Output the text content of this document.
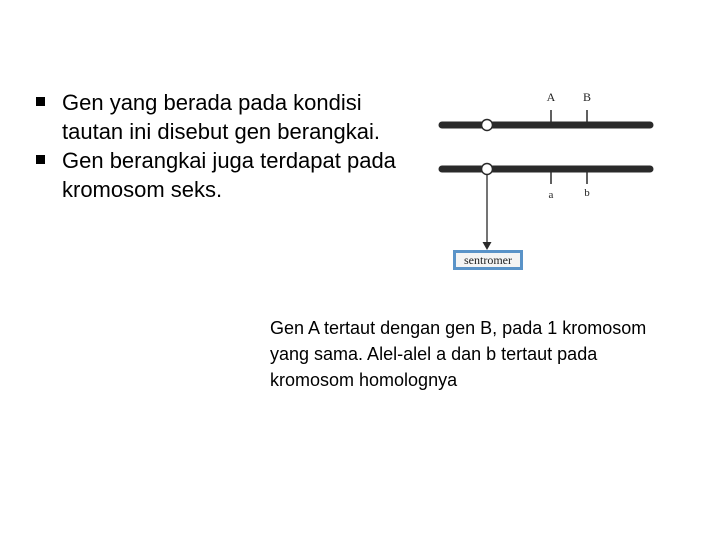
Gen yang berada pada kondisi tautan ini disebut gen berangkai.
Gen berangkai juga terdapat pada kromosom seks.
A B
a	b
sentromer

Gen A tertaut dengan gen B, pada 1 kromosom yang sama. Alel-alel a dan b tertaut pada kromosom homolognya
